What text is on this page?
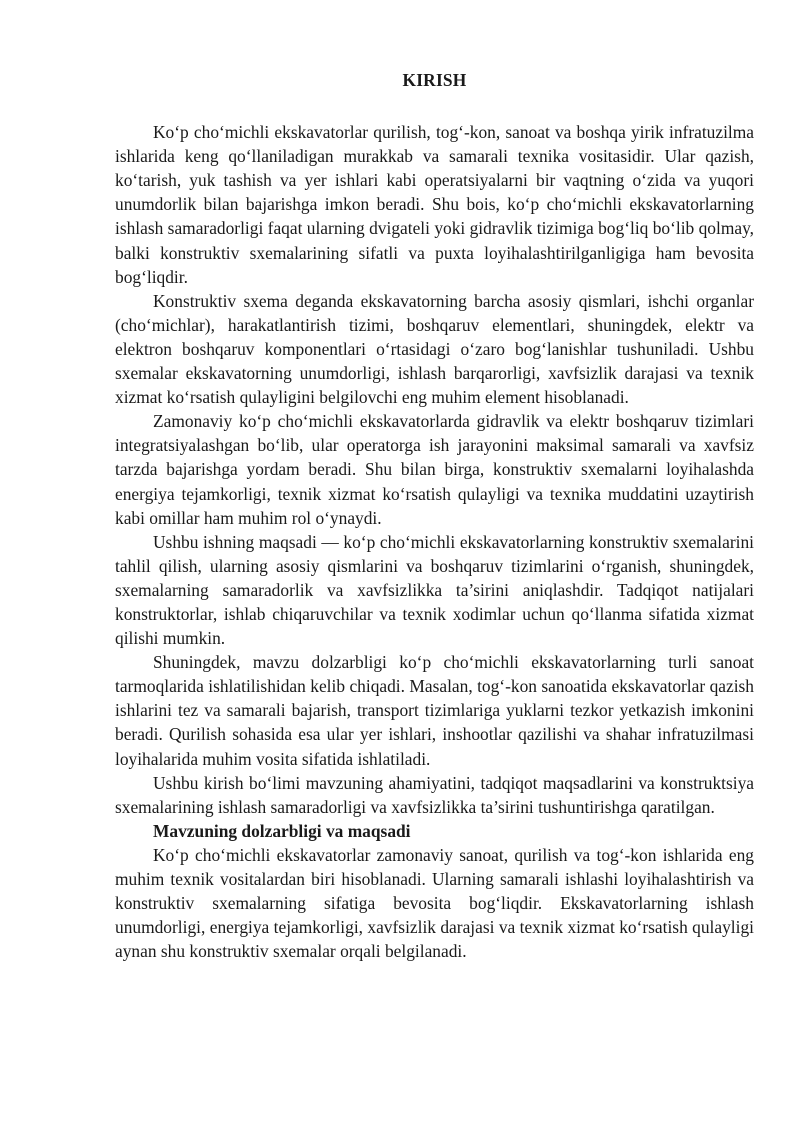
KIRISH

Ko‘p cho‘michli ekskavatorlar qurilish, tog‘-kon, sanoat va boshqa yirik infratuzilma ishlarida keng qo‘llaniladigan murakkab va samarali texnika vositasidir. Ular qazish, ko‘tarish, yuk tashish va yer ishlari kabi operatsiyalarni bir vaqtning o‘zida va yuqori unumdorlik bilan bajarishga imkon beradi. Shu bois, ko‘p cho‘michli ekskavatorlarning ishlash samaradorligi faqat ularning dvigateli yoki gidravlik tizimiga bog‘liq bo‘lib qolmay, balki konstruktiv sxemalarining sifatli va puxta loyihalashtirilganligiga ham bevosita bog‘liqdir.

Konstruktiv sxema deganda ekskavatorning barcha asosiy qismlari, ishchi organlar (cho‘michlar), harakatlantirish tizimi, boshqaruv elementlari, shuningdek, elektr va elektron boshqaruv komponentlari o‘rtasidagi o‘zaro bog‘lanishlar tushuniladi. Ushbu sxemalar ekskavatorning unumdorligi, ishlash barqarorligi, xavfsizlik darajasi va texnik xizmat ko‘rsatish qulayligini belgilovchi eng muhim element hisoblanadi.

Zamonaviy ko‘p cho‘michli ekskavatorlarda gidravlik va elektr boshqaruv tizimlari integratsiyalashgan bo‘lib, ular operatorga ish jarayonini maksimal samarali va xavfsiz tarzda bajarishga yordam beradi. Shu bilan birga, konstruktiv sxemalarni loyihalashda energiya tejamkorligi, texnik xizmat ko‘rsatish qulayligi va texnika muddatini uzaytirish kabi omillar ham muhim rol o‘ynaydi.

Ushbu ishning maqsadi — ko‘p cho‘michli ekskavatorlarning konstruktiv sxemalarini tahlil qilish, ularning asosiy qismlarini va boshqaruv tizimlarini o‘rganish, shuningdek, sxemalarning samaradorlik va xavfsizlikka ta’sirini aniqlashdir. Tadqiqot natijalari konstruktorlar, ishlab chiqaruvchilar va texnik xodimlar uchun qo‘llanma sifatida xizmat qilishi mumkin.

Shuningdek, mavzu dolzarbligi ko‘p cho‘michli ekskavatorlarning turli sanoat tarmoqlarida ishlatilishidan kelib chiqadi. Masalan, tog‘-kon sanoatida ekskavatorlar qazish ishlarini tez va samarali bajarish, transport tizimlariga yuklarni tezkor yetkazish imkonini beradi. Qurilish sohasida esa ular yer ishlari, inshootlar qazilishi va shahar infratuzilmasi loyihalarida muhim vosita sifatida ishlatiladi.

Ushbu kirish bo‘limi mavzuning ahamiyatini, tadqiqot maqsadlarini va konstruktsiya sxemalarining ishlash samaradorligi va xavfsizlikka ta’sirini tushuntirishga qaratilgan.

Mavzuning dolzarbligi va maqsadi

Ko‘p cho‘michli ekskavatorlar zamonaviy sanoat, qurilish va tog‘-kon ishlarida eng muhim texnik vositalardan biri hisoblanadi. Ularning samarali ishlashi loyihalashtirish va konstruktiv sxemalarning sifatiga bevosita bog‘liqdir. Ekskavatorlarning ishlash unumdorligi, energiya tejamkorligi, xavfsizlik darajasi va texnik xizmat ko‘rsatish qulayligi aynan shu konstruktiv sxemalar orqali belgilanadi.
